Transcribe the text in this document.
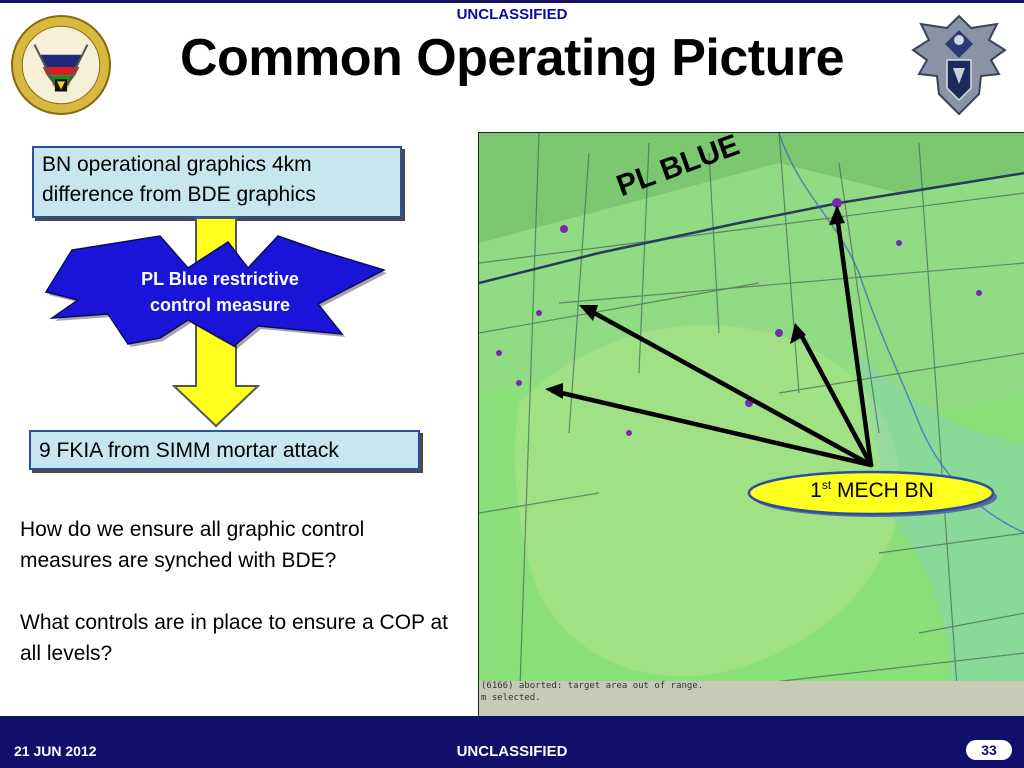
UNCLASSIFIED
Common Operating Picture
BN operational graphics 4km difference from BDE graphics
PL Blue restrictive
control measure
9 FKIA from SIMM mortar attack
How do we ensure all graphic control measures are synched with BDE?
What controls are in place to ensure a COP at all levels?
PL BLUE
1st MECH BN
(6166) aborted: target area out of range.
m selected.
21 JUN 2012	UNCLASSIFIED	33
